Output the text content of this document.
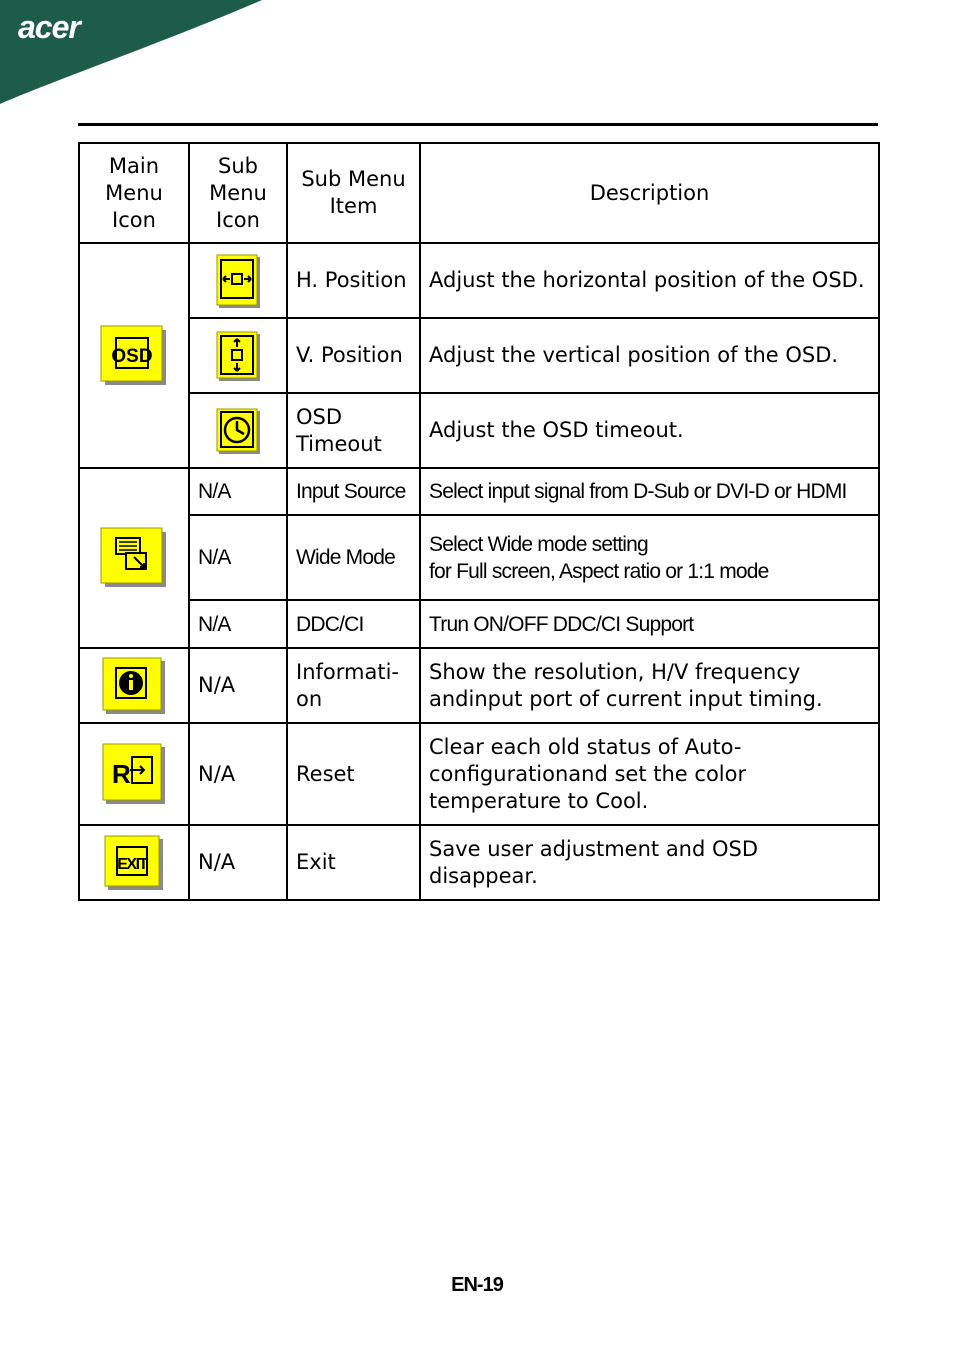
acer
Main Menu Icon	Sub Menu Icon	Sub Menu Item	Description

OSD		H. Position	Adjust the horizontal position of the OSD.
	V. Position	Adjust the vertical position of the OSD.
	OSD Timeout	Adjust the OSD timeout.
	N/A	Input Source	Select input signal from D-Sub or DVI-D or HDMI
	N/A	Wide Mode	Select Wide mode setting
for Full screen, Aspect ratio or 1:1 mode

	N/A	DDC/CI	Trun ON/OFF DDC/CI Support
	N/A	Informati- on	Show the resolution, H/V frequency andinput port of current input timing.

R	N/A	Reset	Clear each old status of Auto-configurationand set the color temperature to Cool.

EXIT	N/A	Exit	Save user adjustment and OSD disappear.
EN-19
